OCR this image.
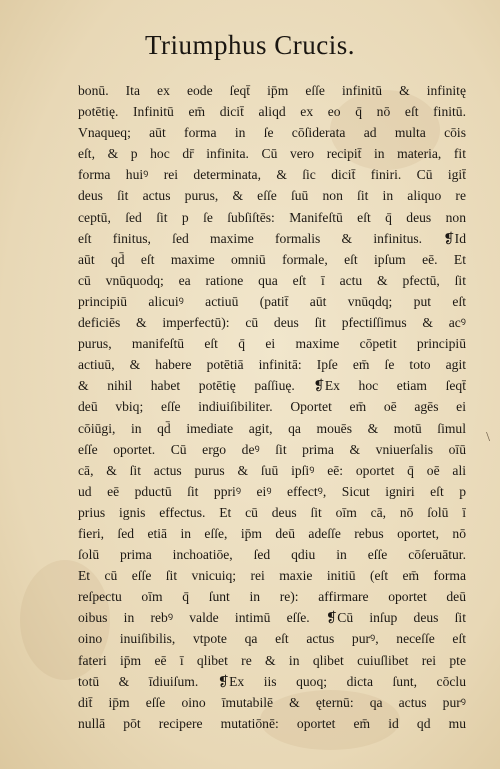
Triumphus Crucis.
bonū. Ita ex eode ſeqt̄ ip̄m eſſe infinitū & infinitę
potētię. Infinitū em̄ dicit̄ aliqd ex eo q̄ nō eſt finitū.
Vnaqueq; aūt forma in ſe cōſiderata ad multa cōis
eſt, & p hoc dr̄ infinita. Cū vero recipit̄ in materia, fit
forma huiꝰ rei determinata, & ſic dicit̄ finiri. Cū igit̄
deus ſit actus purus, & eſſe ſuū non ſit in aliquo re
ceptū, ſed ſit p ſe ſubſiſtēs: Manifeſtū eſt q̄ deus non
eſt finitus, ſed maxime formalis & infinitus. ❡Id
aūt qd̄ eſt maxime omniū formale, eſt ipſum eē. Et
cū vnūquodq; ea ratione qua eſt ī actu & pfectū, ſit
principiū alicuiꝰ actiuū (patit̄ aūt vnūqdq; put eſt
deficiēs & imperfectū): cū deus ſit pfectiſſimus & acꝰ
purus, manifeſtū eſt q̄ ei maxime cōpetit principiū
actiuū, & habere potētiā infinitā: Ipſe em̄ ſe toto agit
& nihil habet potētię paſſiuę. ❡Ex hoc etiam ſeqt̄
deū vbiq; eſſe indiuiſibiliter. Oportet em̄ oē agēs ei
cōiūgi, in qd̄ imediate agit, qa mouēs & motū ſimul
eſſe oportet. Cū ergo deꝰ ſit prima & vniuerſalis oīū
cā, & ſit actus purus & ſuū ipſiꝰ eē: oportet q̄ oē ali
ud eē pductū ſit ppriꝰ eiꝰ effectꝰ, Sicut igniri eſt p
prius ignis effectus. Et cū deus ſit oīm cā, nō ſolū ī
fieri, ſed etiā in eſſe, ip̄m deū adeſſe rebus oportet, nō
ſolū prima inchoatiōe, ſed qdiu in eſſe cōſeruātur.
Et cū eſſe ſit vnicuiq; rei maxie initiū (eſt em̄ forma
reſpectu oīm q̄ ſunt in re): affirmare oportet deū
oibus in rebꝰ valde intimū eſſe. ❡Cū inſup deus ſit
oino inuiſibilis, vtpote qa eſt actus purꝰ, neceſſe eſt
fateri ip̄m eē ī qlibet re & in qlibet cuiuſlibet rei pte
totū & īdiuiſum. ❡Ex iis quoq; dicta ſunt, cōclu
dit̄ ip̄m eſſe oino īmutabilē & ęternū: qa actus purꝰ
nullā pōt recipere mutatiōnē: oportet em̄ id qd mu
\
